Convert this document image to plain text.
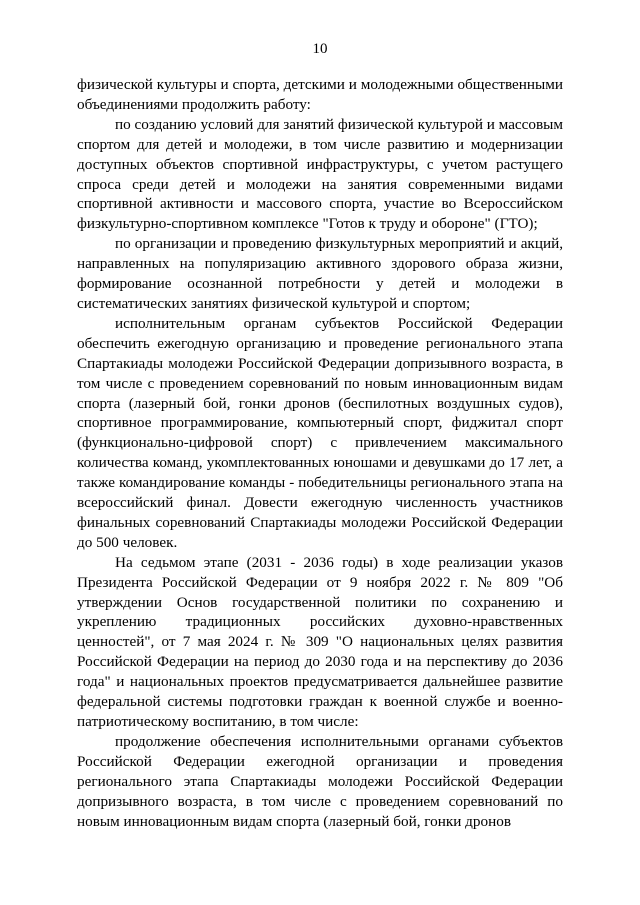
10

физической культуры и спорта, детскими и молодежными общественными объединениями продолжить работу:

по созданию условий для занятий физической культурой и массовым спортом для детей и молодежи, в том числе развитию и модернизации доступных объектов спортивной инфраструктуры, с учетом растущего спроса среди детей и молодежи на занятия современными видами спортивной активности и массового спорта, участие во Всероссийском физкультурно-спортивном комплексе "Готов к труду и обороне" (ГТО);

по организации и проведению физкультурных мероприятий и акций, направленных на популяризацию активного здорового образа жизни, формирование осознанной потребности у детей и молодежи в систематических занятиях физической культурой и спортом;

исполнительным органам субъектов Российской Федерации обеспечить ежегодную организацию и проведение регионального этапа Спартакиады молодежи Российской Федерации допризывного возраста, в том числе с проведением соревнований по новым инновационным видам спорта (лазерный бой, гонки дронов (беспилотных воздушных судов), спортивное программирование, компьютерный спорт, фиджитал спорт (функционально-цифровой спорт) с привлечением максимального количества команд, укомплектованных юношами и девушками до 17 лет, а также командирование команды - победительницы регионального этапа на всероссийский финал. Довести ежегодную численность участников финальных соревнований Спартакиады молодежи Российской Федерации до 500 человек.

На седьмом этапе (2031 - 2036 годы) в ходе реализации указов Президента Российской Федерации от 9 ноября 2022 г. № 809 "Об утверждении Основ государственной политики по сохранению и укреплению традиционных российских духовно-нравственных ценностей", от 7 мая 2024 г. № 309 "О национальных целях развития Российской Федерации на период до 2030 года и на перспективу до 2036 года" и национальных проектов предусматривается дальнейшее развитие федеральной системы подготовки граждан к военной службе и военно-патриотическому воспитанию, в том числе:

продолжение обеспечения исполнительными органами субъектов Российской Федерации ежегодной организации и проведения регионального этапа Спартакиады молодежи Российской Федерации допризывного возраста, в том числе с проведением соревнований по новым инновационным видам спорта (лазерный бой, гонки дронов
